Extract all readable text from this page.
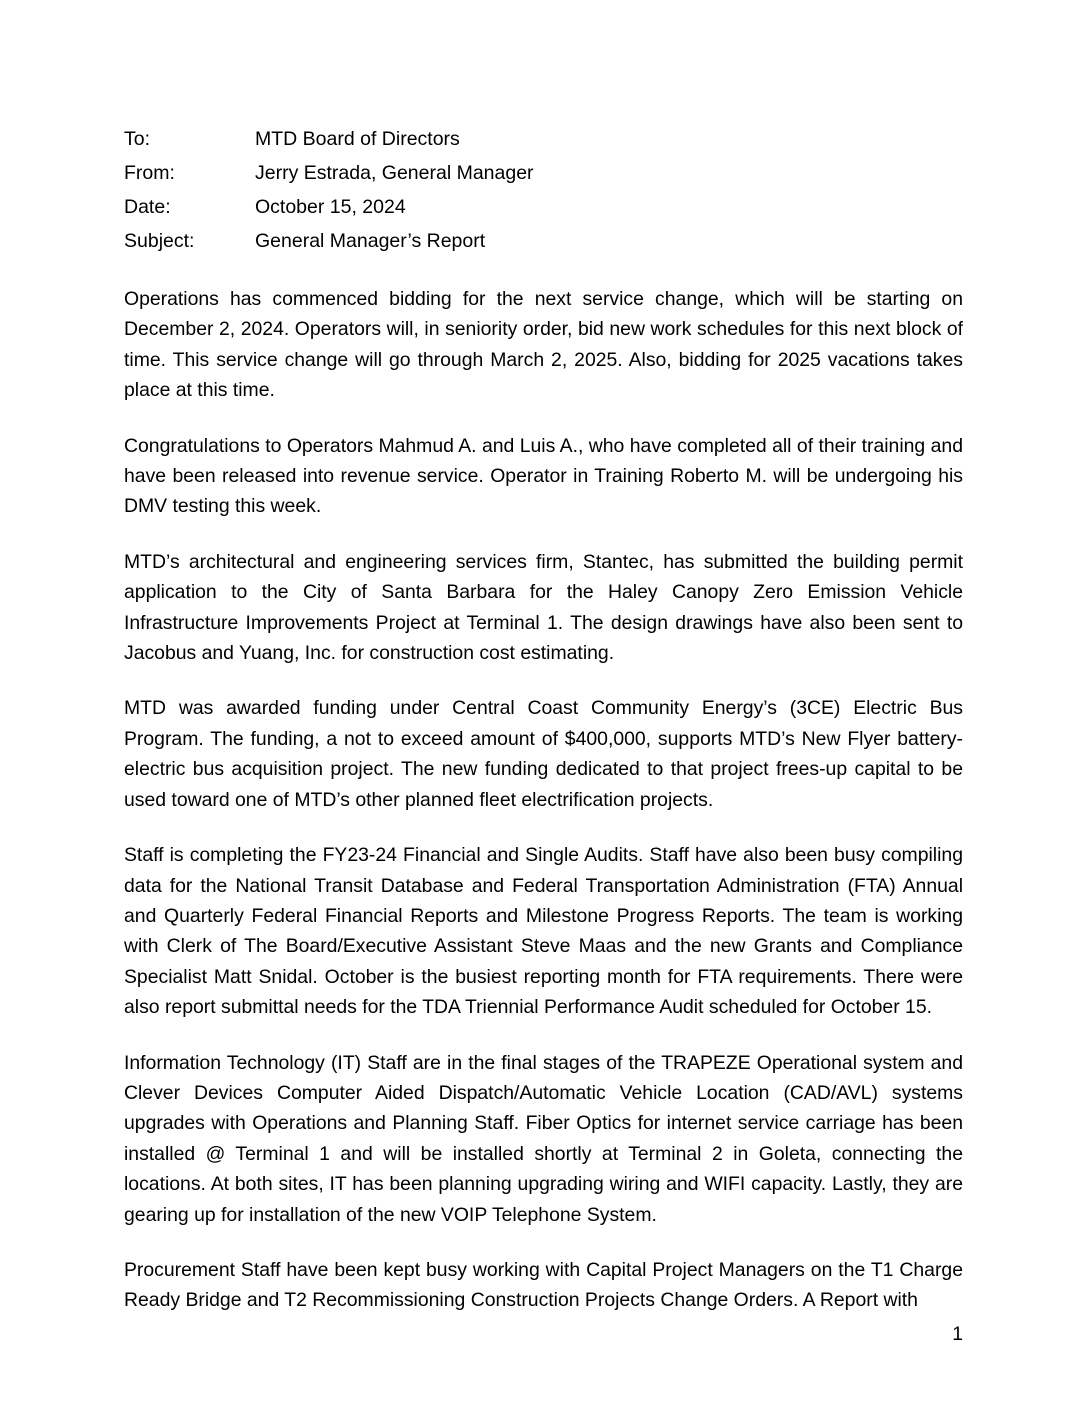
To:	MTD Board of Directors
From:	Jerry Estrada, General Manager
Date:	October 15, 2024
Subject:	General Manager’s Report

Operations has commenced bidding for the next service change, which will be starting on December 2, 2024. Operators will, in seniority order, bid new work schedules for this next block of time. This service change will go through March 2, 2025. Also, bidding for 2025 vacations takes place at this time.

Congratulations to Operators Mahmud A. and Luis A., who have completed all of their training and have been released into revenue service. Operator in Training Roberto M. will be undergoing his DMV testing this week.

MTD’s architectural and engineering services firm, Stantec, has submitted the building permit application to the City of Santa Barbara for the Haley Canopy Zero Emission Vehicle Infrastructure Improvements Project at Terminal 1. The design drawings have also been sent to Jacobus and Yuang, Inc. for construction cost estimating.

MTD was awarded funding under Central Coast Community Energy’s (3CE) Electric Bus Program. The funding, a not to exceed amount of $400,000, supports MTD’s New Flyer battery-electric bus acquisition project. The new funding dedicated to that project frees-up capital to be used toward one of MTD’s other planned fleet electrification projects.

Staff is completing the FY23-24 Financial and Single Audits. Staff have also been busy compiling data for the National Transit Database and Federal Transportation Administration (FTA) Annual and Quarterly Federal Financial Reports and Milestone Progress Reports. The team is working with Clerk of The Board/Executive Assistant Steve Maas and the new Grants and Compliance Specialist Matt Snidal. October is the busiest reporting month for FTA requirements. There were also report submittal needs for the TDA Triennial Performance Audit scheduled for October 15.

Information Technology (IT) Staff are in the final stages of the TRAPEZE Operational system and Clever Devices Computer Aided Dispatch/Automatic Vehicle Location (CAD/AVL) systems upgrades with Operations and Planning Staff. Fiber Optics for internet service carriage has been installed @ Terminal 1 and will be installed shortly at Terminal 2 in Goleta, connecting the locations. At both sites, IT has been planning upgrading wiring and WIFI capacity. Lastly, they are gearing up for installation of the new VOIP Telephone System.

Procurement Staff have been kept busy working with Capital Project Managers on the T1 Charge Ready Bridge and T2 Recommissioning Construction Projects Change Orders. A Report with

1
